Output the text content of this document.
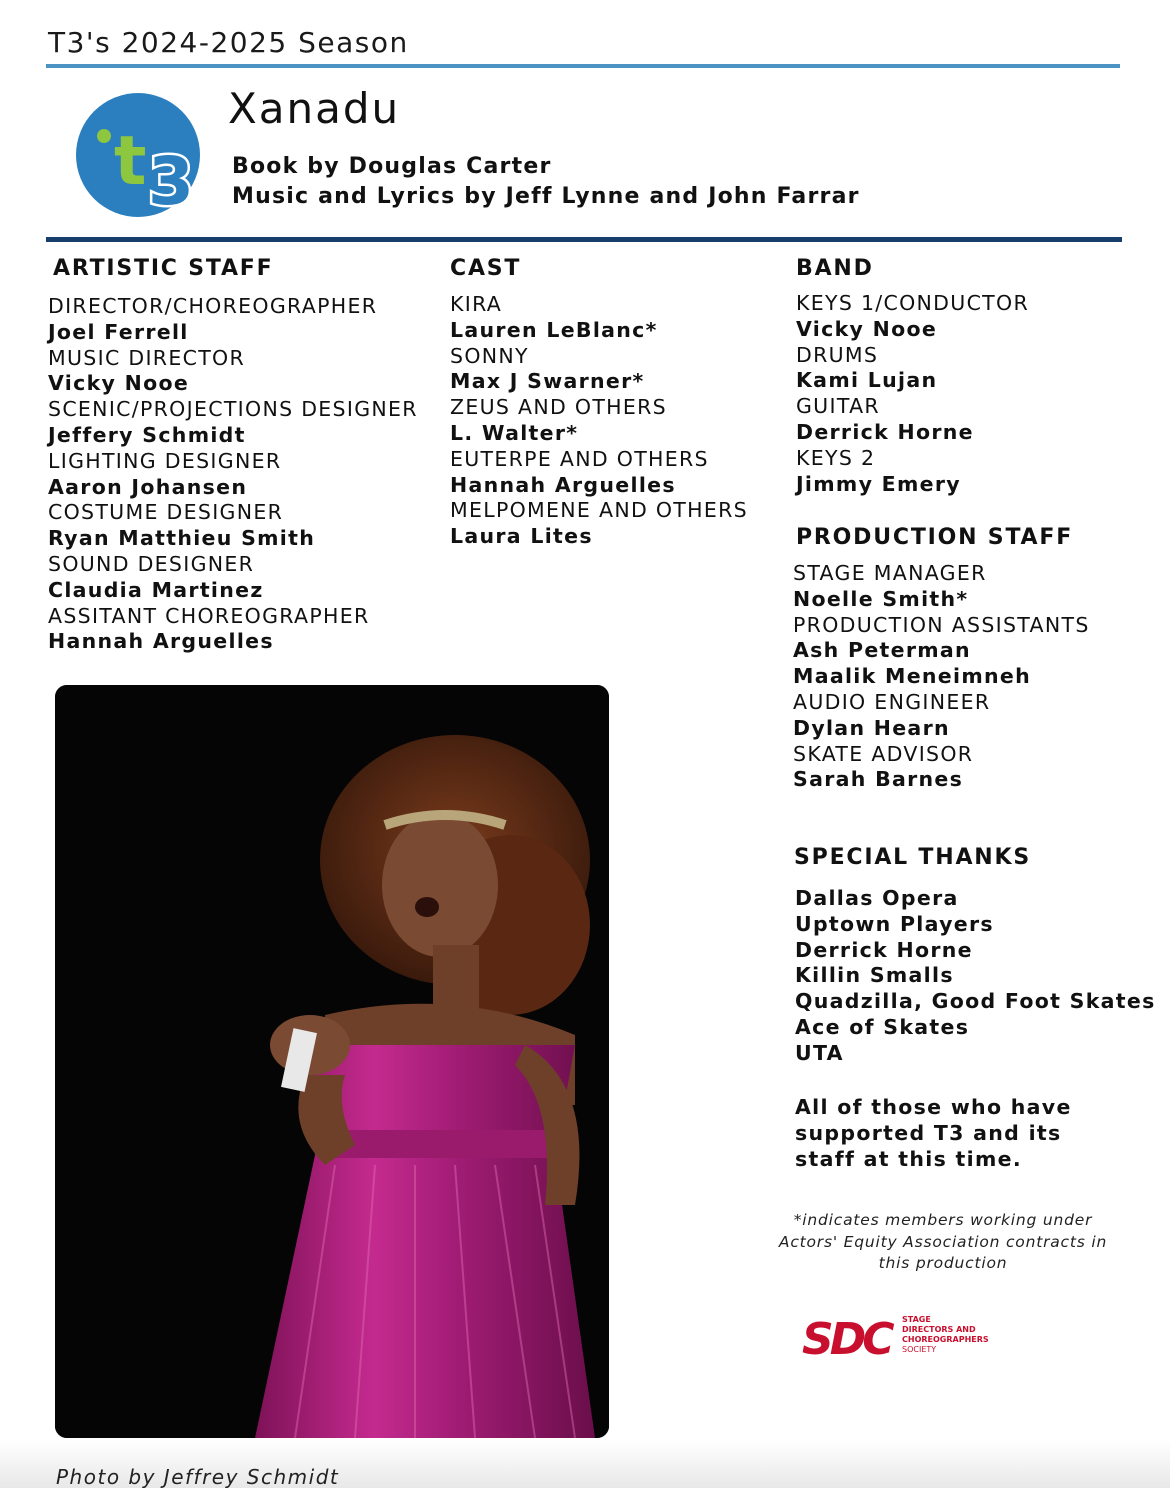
T3's 2024-2025 Season
t 3
Xanadu
Book by Douglas Carter
Music and Lyrics by Jeff Lynne and John Farrar
ARTISTIC STAFF
DIRECTOR/CHOREOGRAPHER
Joel Ferrell
MUSIC DIRECTOR
Vicky Nooe
SCENIC/PROJECTIONS DESIGNER
Jeffery Schmidt
LIGHTING DESIGNER
Aaron Johansen
COSTUME DESIGNER
Ryan Matthieu Smith
SOUND DESIGNER
Claudia Martinez
ASSITANT CHOREOGRAPHER
Hannah Arguelles
CAST
KIRA
Lauren LeBlanc*
SONNY
Max J Swarner*
ZEUS AND OTHERS
L. Walter*
EUTERPE AND OTHERS
Hannah Arguelles
MELPOMENE AND OTHERS
Laura Lites
BAND
KEYS 1/CONDUCTOR
Vicky Nooe
DRUMS
Kami Lujan
GUITAR
Derrick Horne
KEYS 2
Jimmy Emery
PRODUCTION STAFF
STAGE MANAGER
Noelle Smith*
PRODUCTION ASSISTANTS
Ash Peterman
Maalik Meneimneh
AUDIO ENGINEER
Dylan Hearn
SKATE ADVISOR
Sarah Barnes
SPECIAL THANKS
Dallas Opera
Uptown Players
Derrick Horne
Killin Smalls
Quadzilla, Good Foot Skates
Ace of Skates
UTA
All of those who have supported T3 and its staff at this time.
*indicates members working under Actors' Equity Association contracts in this production
SDC	STAGE
DIRECTORS AND
CHOREOGRAPHERS
SOCIETY
Photo by Jeffrey Schmidt
